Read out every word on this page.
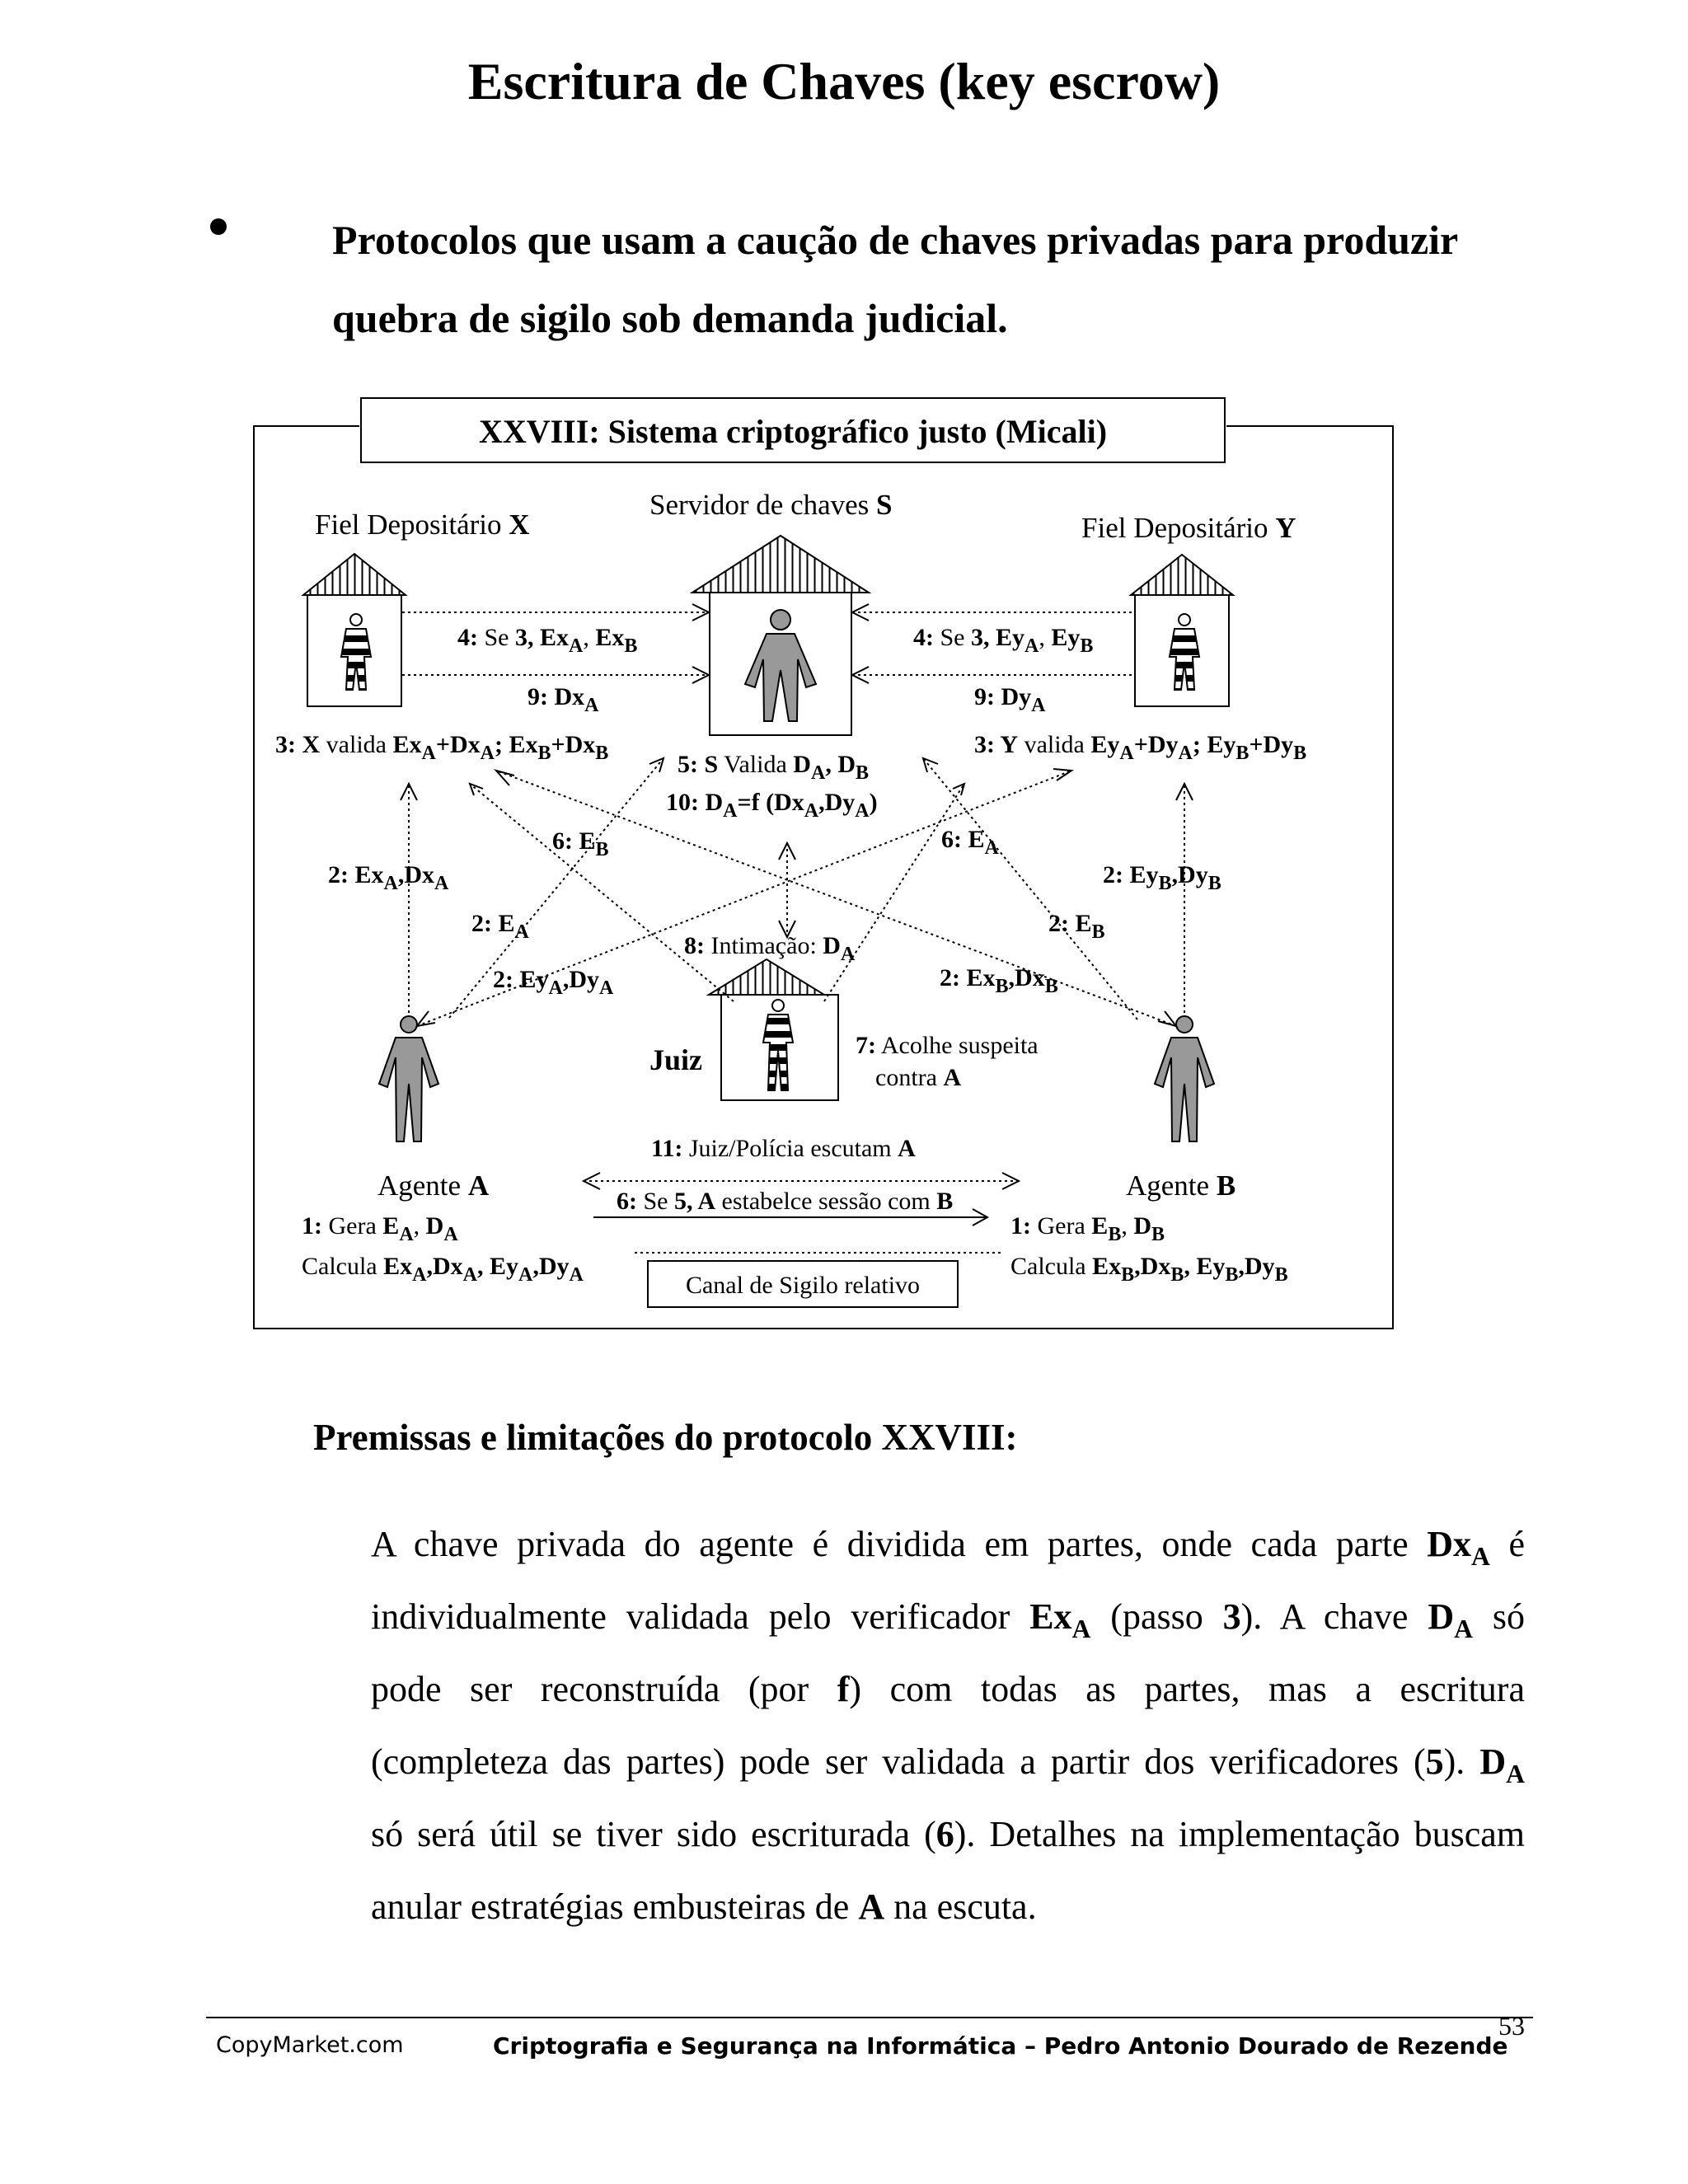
Escritura de Chaves (key escrow)
Protocolos que usam a caução de chaves privadas para produzir
quebra de sigilo sob demanda judicial.
XXVIII: Sistema criptográfico justo (Micali)
Fiel Depositário X
Servidor de chaves S
Fiel Depositário Y
Juiz
Agente A	Agente B
4: Se 3, $Ex_A$, $Ex_B$	4: Se 3, $Ey_A$, $Ey_B$
9: $Dx_A$	9: $Dy_A$
3: X valida $Ex_A+Dx_A$; $Ex_B+Dx_B$	3: Y valida $Ey_A+Dy_A$; $Ey_B+Dy_B$
5: S Valida $D_A$, $D_B$
10: $D_A=f$ $(Dx_A,Dy_A)$
6: $E_B$	6: $E_A$
2: $Ex_A,Dx_A$	2: $Ey_B,Dy_B$
2: $E_A$	2: $E_B$
2: $Ey_A,Dy_A$	2: $Ex_B,Dx_B$
8: Intimação: $D_A$
7: Acolhe suspeita
contra A
11: Juiz/Polícia escutam A
6: Se 5, A estabelce sessão com B
1: Gera $E_A$, $D_A$
Calcula $Ex_A,Dx_A$, $Ey_A,Dy_A$
1: Gera $E_B$, $D_B$
Calcula $Ex_B,Dx_B$, $Ey_B,Dy_B$
Canal de Sigilo relativo
Premissas e limitações do protocolo XXVIII:
A chave privada do agente é dividida em partes, onde cada parte $Dx_A$ é
individualmente validada pelo verificador $Ex_A$ (passo 3). A chave $D_A$ só
pode ser reconstruída (por f) com todas as partes, mas a escritura
(completeza das partes) pode ser validada a partir dos verificadores (5). $D_A$
só será útil se tiver sido escriturada (6). Detalhes na implementação buscam
anular estratégias embusteiras de A na escuta.
53
CopyMarket.com	Criptografia e Segurança na Informática – Pedro Antonio Dourado de Rezende
